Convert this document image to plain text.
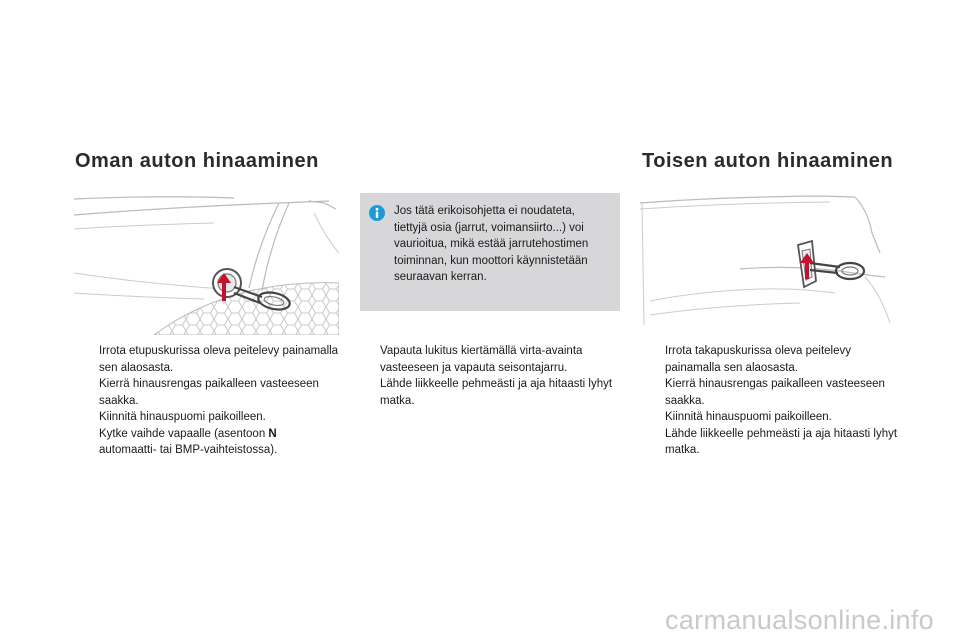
Oman auton hinaaminen	Toisen auton hinaaminen
Jos tätä erikoisohjetta ei noudateta, tiettyjä osia (jarrut, voimansiirto...) voi vaurioitua, mikä estää jarrutehostimen toiminnan, kun moottori käynnistetään seuraavan kerran.
Irrota etupuskurissa oleva peitelevy painamalla sen alaosasta.
Kierrä hinausrengas paikalleen vasteeseen saakka.
Kiinnitä hinauspuomi paikoilleen.
Kytke vaihde vapaalle (asentoon N
automaatti- tai BMP-vaihteistossa).
Vapauta lukitus kiertämällä virta-avainta vasteeseen ja vapauta seisontajarru.
Lähde liikkeelle pehmeästi ja aja hitaasti lyhyt matka.
Irrota takapuskurissa oleva peitelevy painamalla sen alaosasta.
Kierrä hinausrengas paikalleen vasteeseen saakka.
Kiinnitä hinauspuomi paikoilleen.
Lähde liikkeelle pehmeästi ja aja hitaasti lyhyt matka.
carmanualsonline.info
